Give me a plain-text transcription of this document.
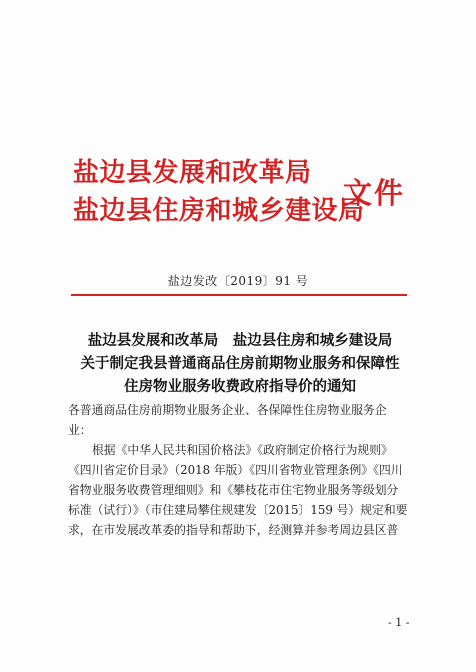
盐边县发展和改革局
盐边县住房和城乡建设局
文件
盐边发改〔2019〕91 号
盐边县发展和改革局　盐边县住房和城乡建设局
关于制定我县普通商品住房前期物业服务和保障性
住房物业服务收费政府指导价的通知
各普通商品住房前期物业服务企业、各保障性住房物业服务企
业：
根据《中华人民共和国价格法》《政府制定价格行为规则》
《四川省定价目录》（2018 年版）《四川省物业管理条例》《四川
省物业服务收费管理细则》和《攀枝花市住宅物业服务等级划分
标准（试行）》（市住建局攀住规建发〔2015〕159 号）规定和要
求，在市发展改革委的指导和帮助下，经测算并参考周边县区普
- 1 -
